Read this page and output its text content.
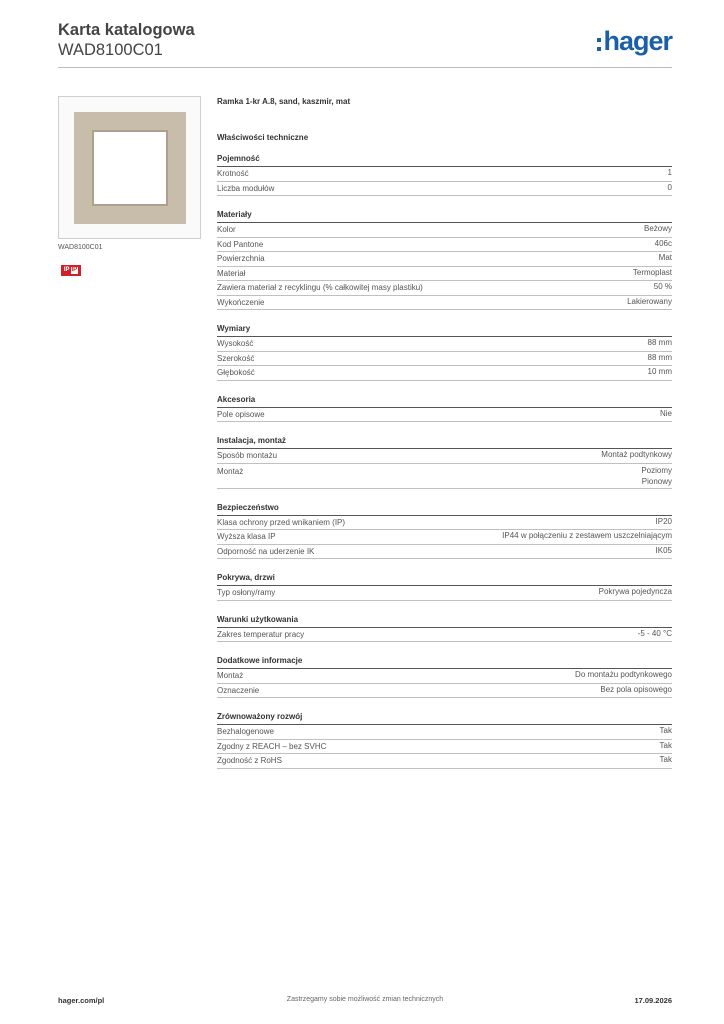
Karta katalogowa
WAD8100C01	hager
WAD8100C01
IP IP
Ramka 1-kr A.8, sand, kaszmir, mat
Właściwości techniczne
Pojemność
Krotność	1
Liczba modułów	0
Materiały
Kolor	Beżowy
Kod Pantone	406c
Powierzchnia	Mat
Materiał	Termoplast
Zawiera materiał z recyklingu (% całkowitej masy plastiku)	50 %
Wykończenie	Lakierowany
Wymiary
Wysokość	88 mm
Szerokość	88 mm
Głębokość	10 mm
Akcesoria
Pole opisowe	Nie
Instalacja, montaż
Sposób montażu	Montaż podtynkowy
Montaż	Poziomy
Pionowy
Bezpieczeństwo
Klasa ochrony przed wnikaniem (IP)	IP20
Wyższa klasa IP	IP44 w połączeniu z zestawem uszczelniającym
Odporność na uderzenie IK	IK05
Pokrywa, drzwi
Typ osłony/ramy	Pokrywa pojedyncza
Warunki użytkowania
Zakres temperatur pracy	-5 - 40 °C
Dodatkowe informacje
Montaż	Do montażu podtynkowego
Oznaczenie	Bez pola opisowego
Zrównoważony rozwój
Bezhalogenowe	Tak
Zgodny z REACH – bez SVHC	Tak
Zgodność z RoHS	Tak
hager.com/pl	Zastrzegamy sobie możliwość zmian technicznych	17.09.2026
